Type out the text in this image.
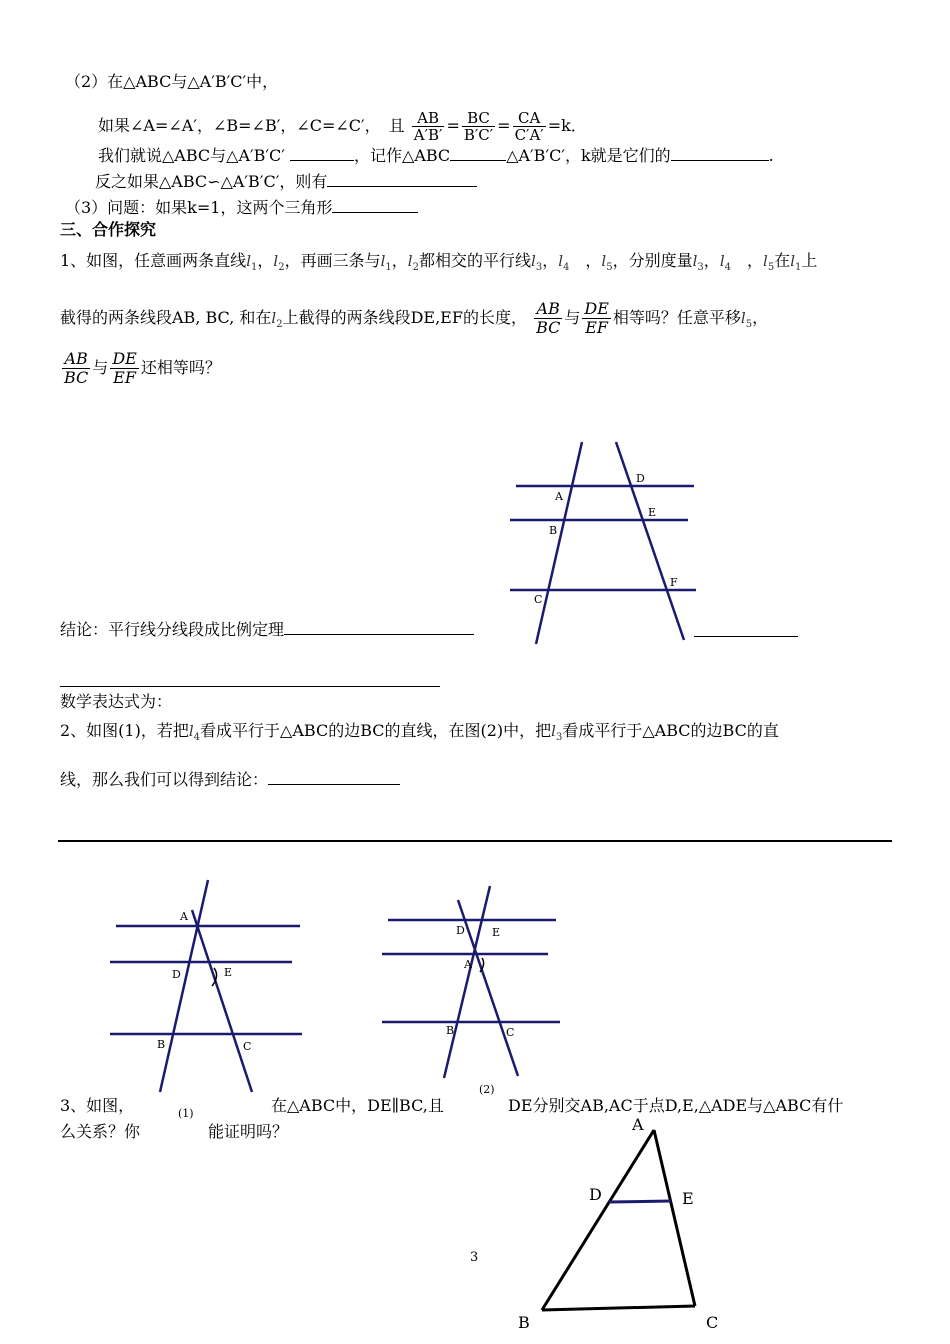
（2）在△ABC与△A′B′C′中，
如果∠A=∠A′，∠B=∠B′，∠C=∠C′，　且 $\frac{AB}{A'B'} = \frac{BC}{B'C'} = \frac{CA}{C'A'} =k$．
我们就说△ABC与△A′B′C′	，记作△ABC	△A′B′C′，k就是它们的	.
反之如果△ABC∽△A′B′C′，则有
（3）问题：如果k=1，这两个三角形
三、合作探究
1、如图，任意画两条直线$l_1$，$l_2$，再画三条与$l_1$，$l_2$都相交的平行线$l_3$，$l_4$　，$l_5$，分别度量$l_3$，$l_4$　，$l_5$在$l_1$上
截得的两条线段AB, BC, 和在$l_2$上截得的两条线段DE,EF的长度， $\frac{AB}{BC}$ 与 $\frac{DE}{EF}$ 相等吗？任意平移$l_5$，
$\frac{AB}{BC}$ 与 $\frac{DE}{EF}$ 还相等吗？
D
A
E
B
F
C
结论：平行线分线段成比例定理
数学表达式为：
2、如图(1)，若把$l_4$看成平行于△ABC的边BC的直线，在图(2)中，把$l_3$看成平行于△ABC的边BC的直
线，那么我们可以得到结论：
A
D	E
B	C
D E
A
B	C
3、如图，	(1)	在△ABC中，DE∥BC,且
(2)
DE分别交AB,AC于点D,E,△ADE与△ABC有什
么关系？你	能证明吗？	A
D	E
B	C
3
